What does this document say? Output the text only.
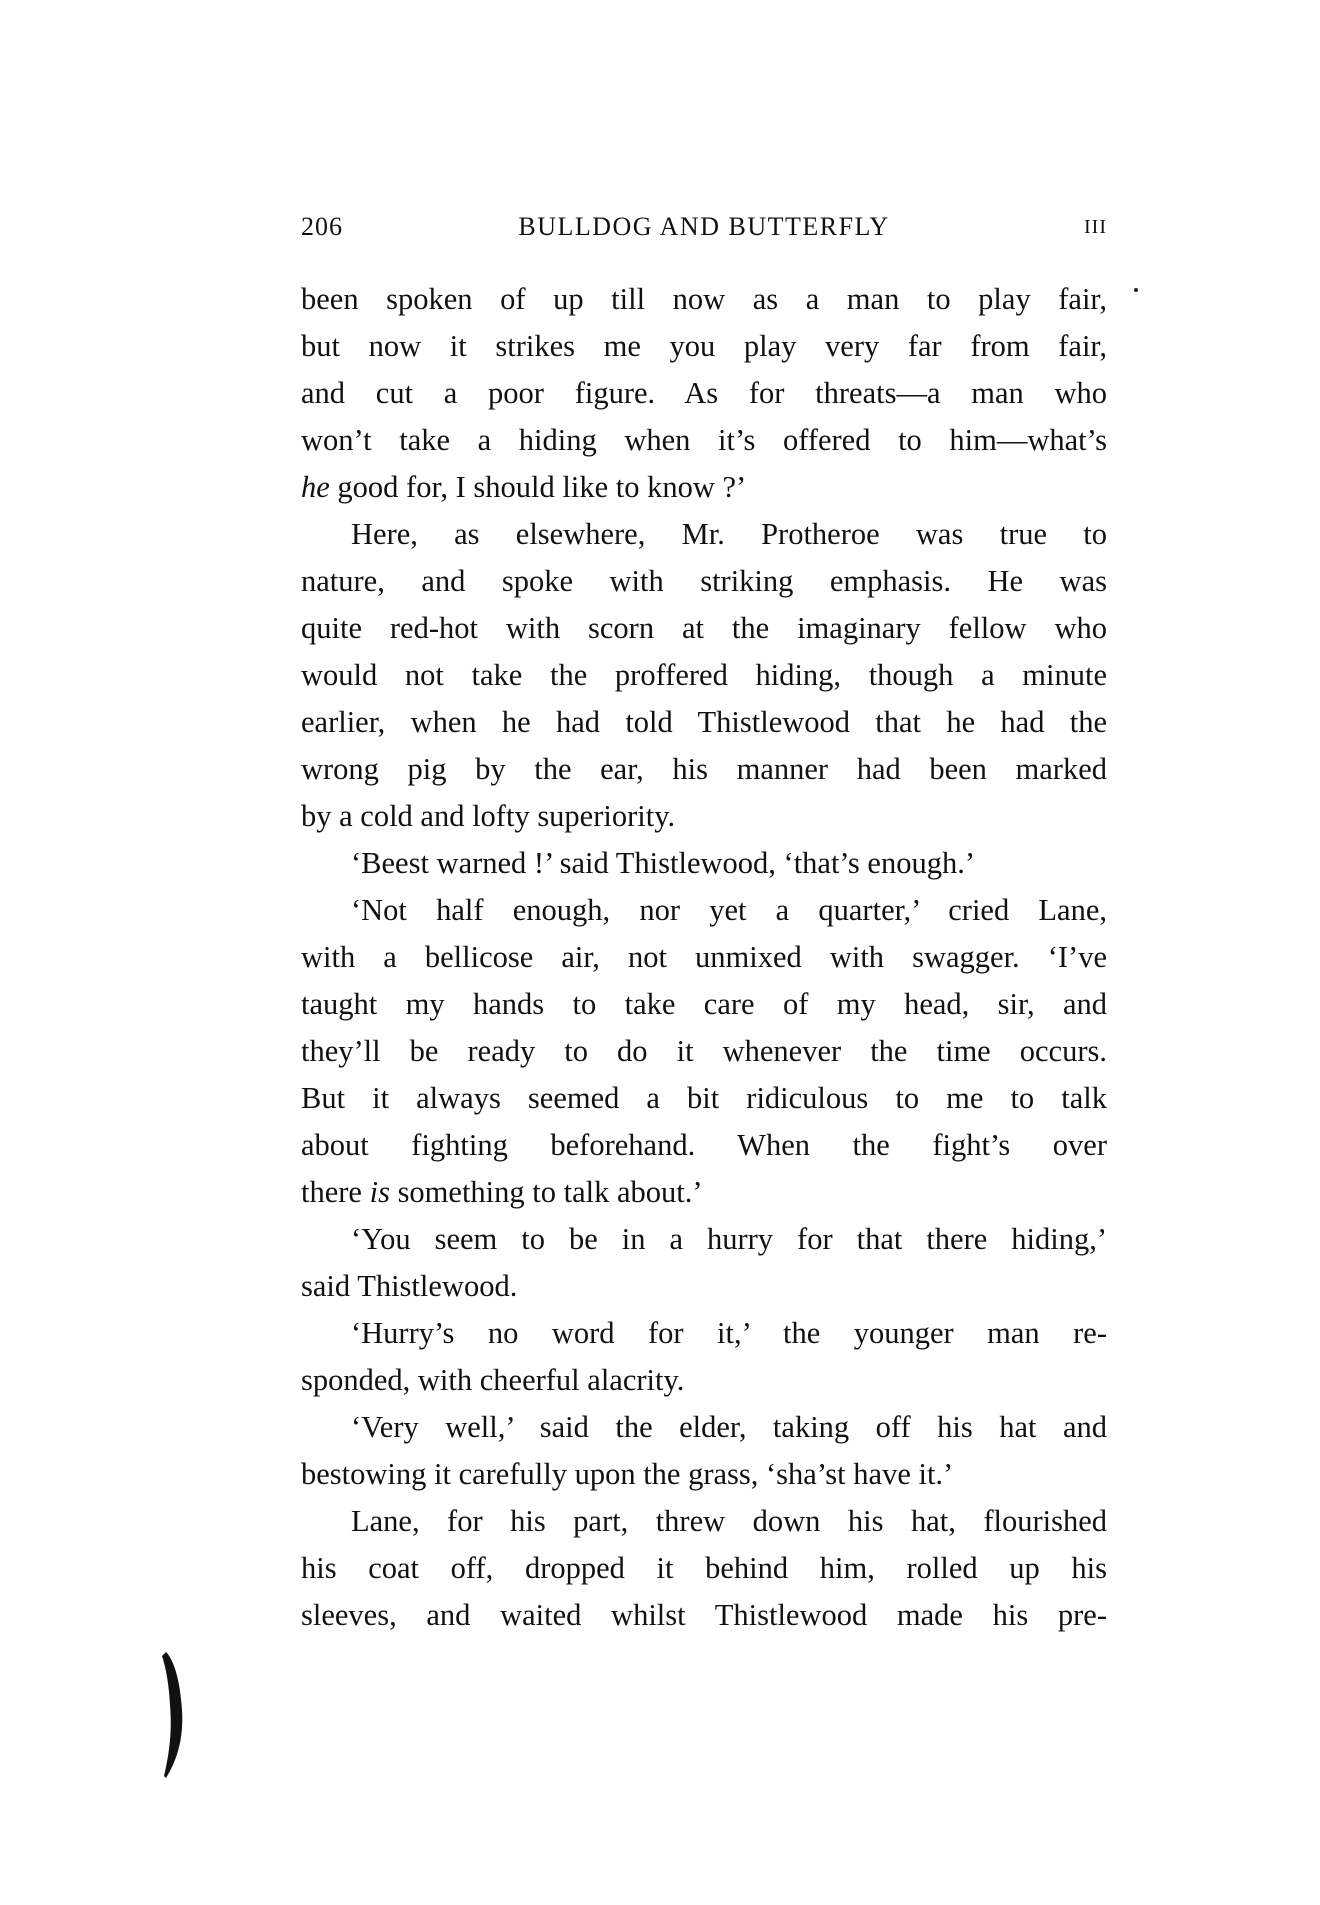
206	BULLDOG AND BUTTERFLY	III
been spoken of up till now as a man to play fair,
but now it strikes me you play very far from fair,
and cut a poor figure. As for threats—a man who
won’t take a hiding when it’s offered to him—what’s
he good for, I should like to know ?’
Here, as elsewhere, Mr. Protheroe was true to
nature, and spoke with striking emphasis. He was
quite red-hot with scorn at the imaginary fellow who
would not take the proffered hiding, though a minute
earlier, when he had told Thistlewood that he had the
wrong pig by the ear, his manner had been marked
by a cold and lofty superiority.
‘Beest warned !’ said Thistlewood, ‘that’s enough.’
‘Not half enough, nor yet a quarter,’ cried Lane,
with a bellicose air, not unmixed with swagger. ‘I’ve
taught my hands to take care of my head, sir, and
they’ll be ready to do it whenever the time occurs.
But it always seemed a bit ridiculous to me to talk
about fighting beforehand. When the fight’s over
there is something to talk about.’
‘You seem to be in a hurry for that there hiding,’
said Thistlewood.
‘Hurry’s no word for it,’ the younger man re-
sponded, with cheerful alacrity.
‘Very well,’ said the elder, taking off his hat and
bestowing it carefully upon the grass, ‘sha’st have it.’
Lane, for his part, threw down his hat, flourished
his coat off, dropped it behind him, rolled up his
sleeves, and waited whilst Thistlewood made his pre-
